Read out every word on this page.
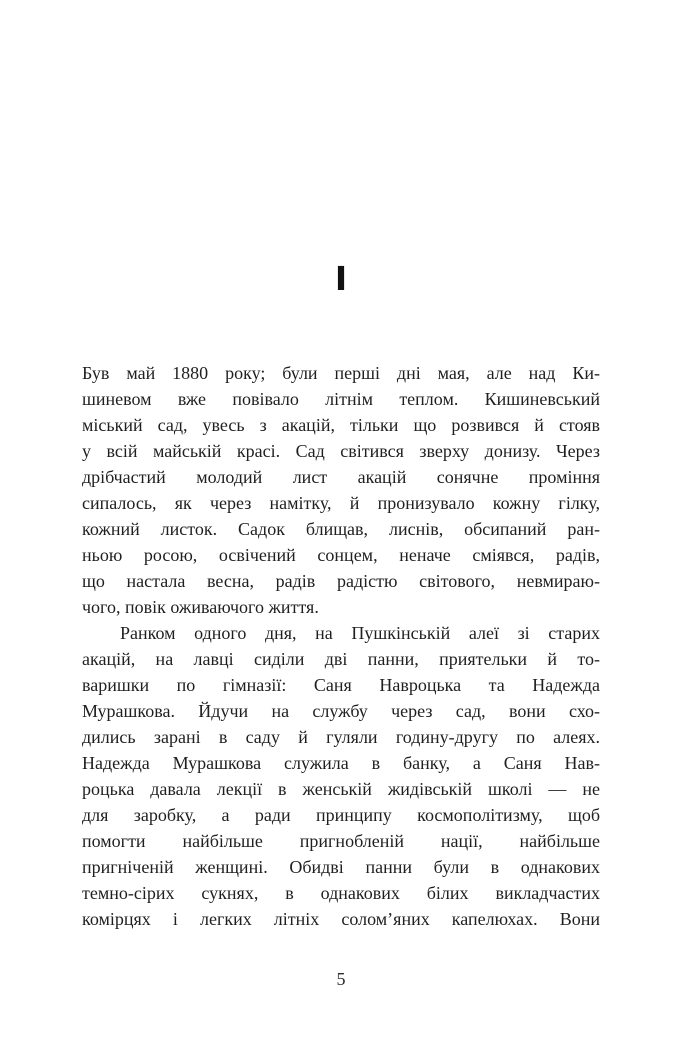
I
Був май 1880 року; були перші дні мая, але над Ки-
шиневом вже повівало літнім теплом. Кишиневський
міський сад, увесь з акацій, тільки що розвився й стояв
у всій майській красі. Сад світився зверху донизу. Через
дрібчастий молодий лист акацій сонячне проміння
сипалось, як через намітку, й пронизувало кожну гілку,
кожний листок. Садок блищав, лиснів, обсипаний ран-
ньою росою, освічений сонцем, неначе сміявся, радів,
що настала весна, радів радістю світового, невмираю-
чого, повік оживаючого життя.
Ранком одного дня, на Пушкінській алеї зі старих
акацій, на лавці сиділи дві панни, приятельки й то-
варишки по гімназії: Саня Навроцька та Надежда
Мурашкова. Йдучи на службу через сад, вони схо-
дились зарані в саду й гуляли годину-другу по алеях.
Надежда Мурашкова служила в банку, а Саня Нав-
роцька давала лекції в женській жидівській школі — не
для заробку, а ради принципу космополітизму, щоб
помогти найбільше пригнобленій нації, найбільше
пригніченій женщині. Обидві панни були в однакових
темно-сірих сукнях, в однакових білих викладчастих
комірцях і легких літніх солом’яних капелюхах. Вони
5
